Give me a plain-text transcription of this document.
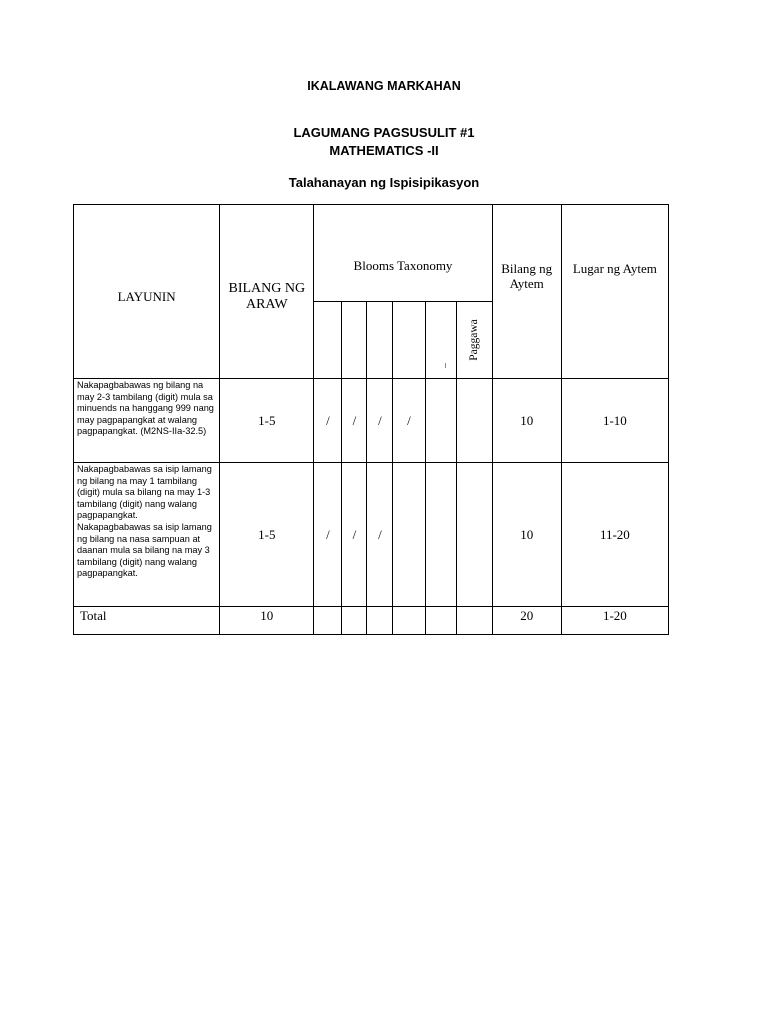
IKALAWANG MARKAHAN
LAGUMANG PAGSUSULIT #1
MATHEMATICS -II
Talahanayan ng Ispisipikasyon
LAYUNIN	BILANG NG ARAW	Blooms Taxonomy						Bilang ng Aytem	Lugar ng Aytem

							Paggawa		

Nakapagbabawas ng bilang na may 2-3 tambilang (digit) mula sa minuends na hanggang 999 nang may pagpapangkat at walang pagpapangkat. (M2NS-IIa-32.5)	1-5	/	/	/	/			10	1-10
Nakapagbabawas sa isip lamang ng bilang na may 1 tambilang (digit) mula sa bilang na may 1-3 tambilang (digit) nang walang pagpapangkat.
Nakapagbabawas sa isip lamang ng bilang na nasa sampuan at daanan mula sa bilang na may 3 tambilang (digit) nang walang pagpapangkat.	1-5	/	/	/				10	11-20
Total	10							20	1-20
